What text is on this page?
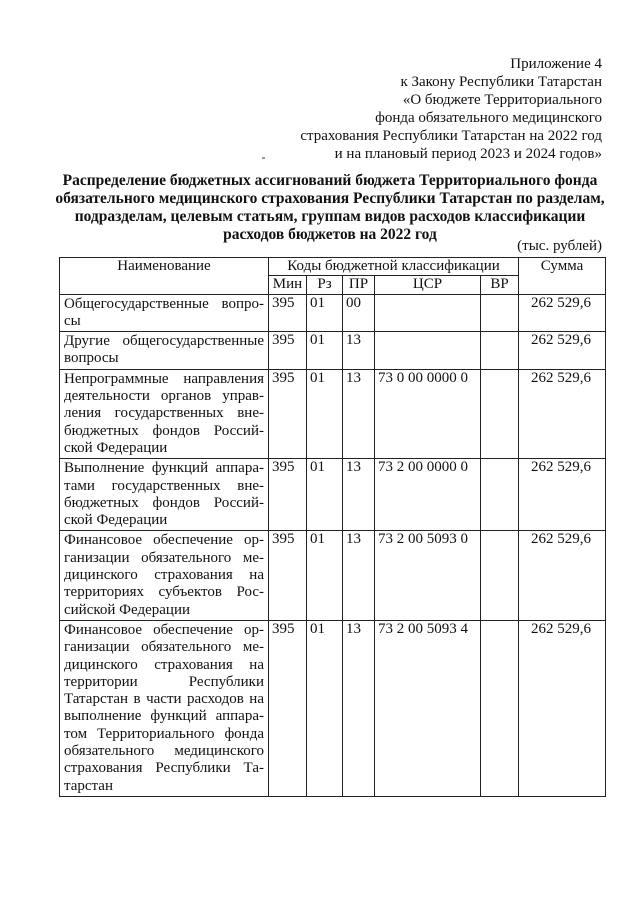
Приложение 4
к Закону Республики Татарстан
«О бюджете Территориального
фонда обязательного медицинского
страхования Республики Татарстан на 2022 год
и на плановый период 2023 и 2024 годов»
Распределение бюджетных ассигнований бюджета Территориального фонда обязательного медицинского страхования Республики Татарстан по разделам, подразделам, целевым статьям, группам видов расходов классификации расходов бюджетов на 2022 год
(тыс. рублей)
Наименование	Коды бюджетной классификации					Сумма
	Мин	Рз	ПР	ЦСР	ВР	
Общегосударственные вопро-сы	395	01	00			262 529,6
Другие общегосударственные вопросы	395	01	13			262 529,6
Непрограммные направления деятельности органов управ-ления государственных вне-бюджетных фондов Россий-ской Федерации	395	01	13	73 0 00 0000 0		262 529,6
Выполнение функций аппара-тами государственных вне-бюджетных фондов Россий-ской Федерации	395	01	13	73 2 00 0000 0		262 529,6
Финансовое обеспечение ор-ганизации обязательного ме-дицинского страхования на территориях субъектов Рос-сийской Федерации	395	01	13	73 2 00 5093 0		262 529,6
Финансовое обеспечение ор-ганизации обязательного ме-дицинского страхования на территории Республики Татарстан в части расходов на выполнение функций аппара-том Территориального фонда обязательного медицинского страхования Республики Та-тарстан	395	01	13	73 2 00 5093 4		262 529,6
